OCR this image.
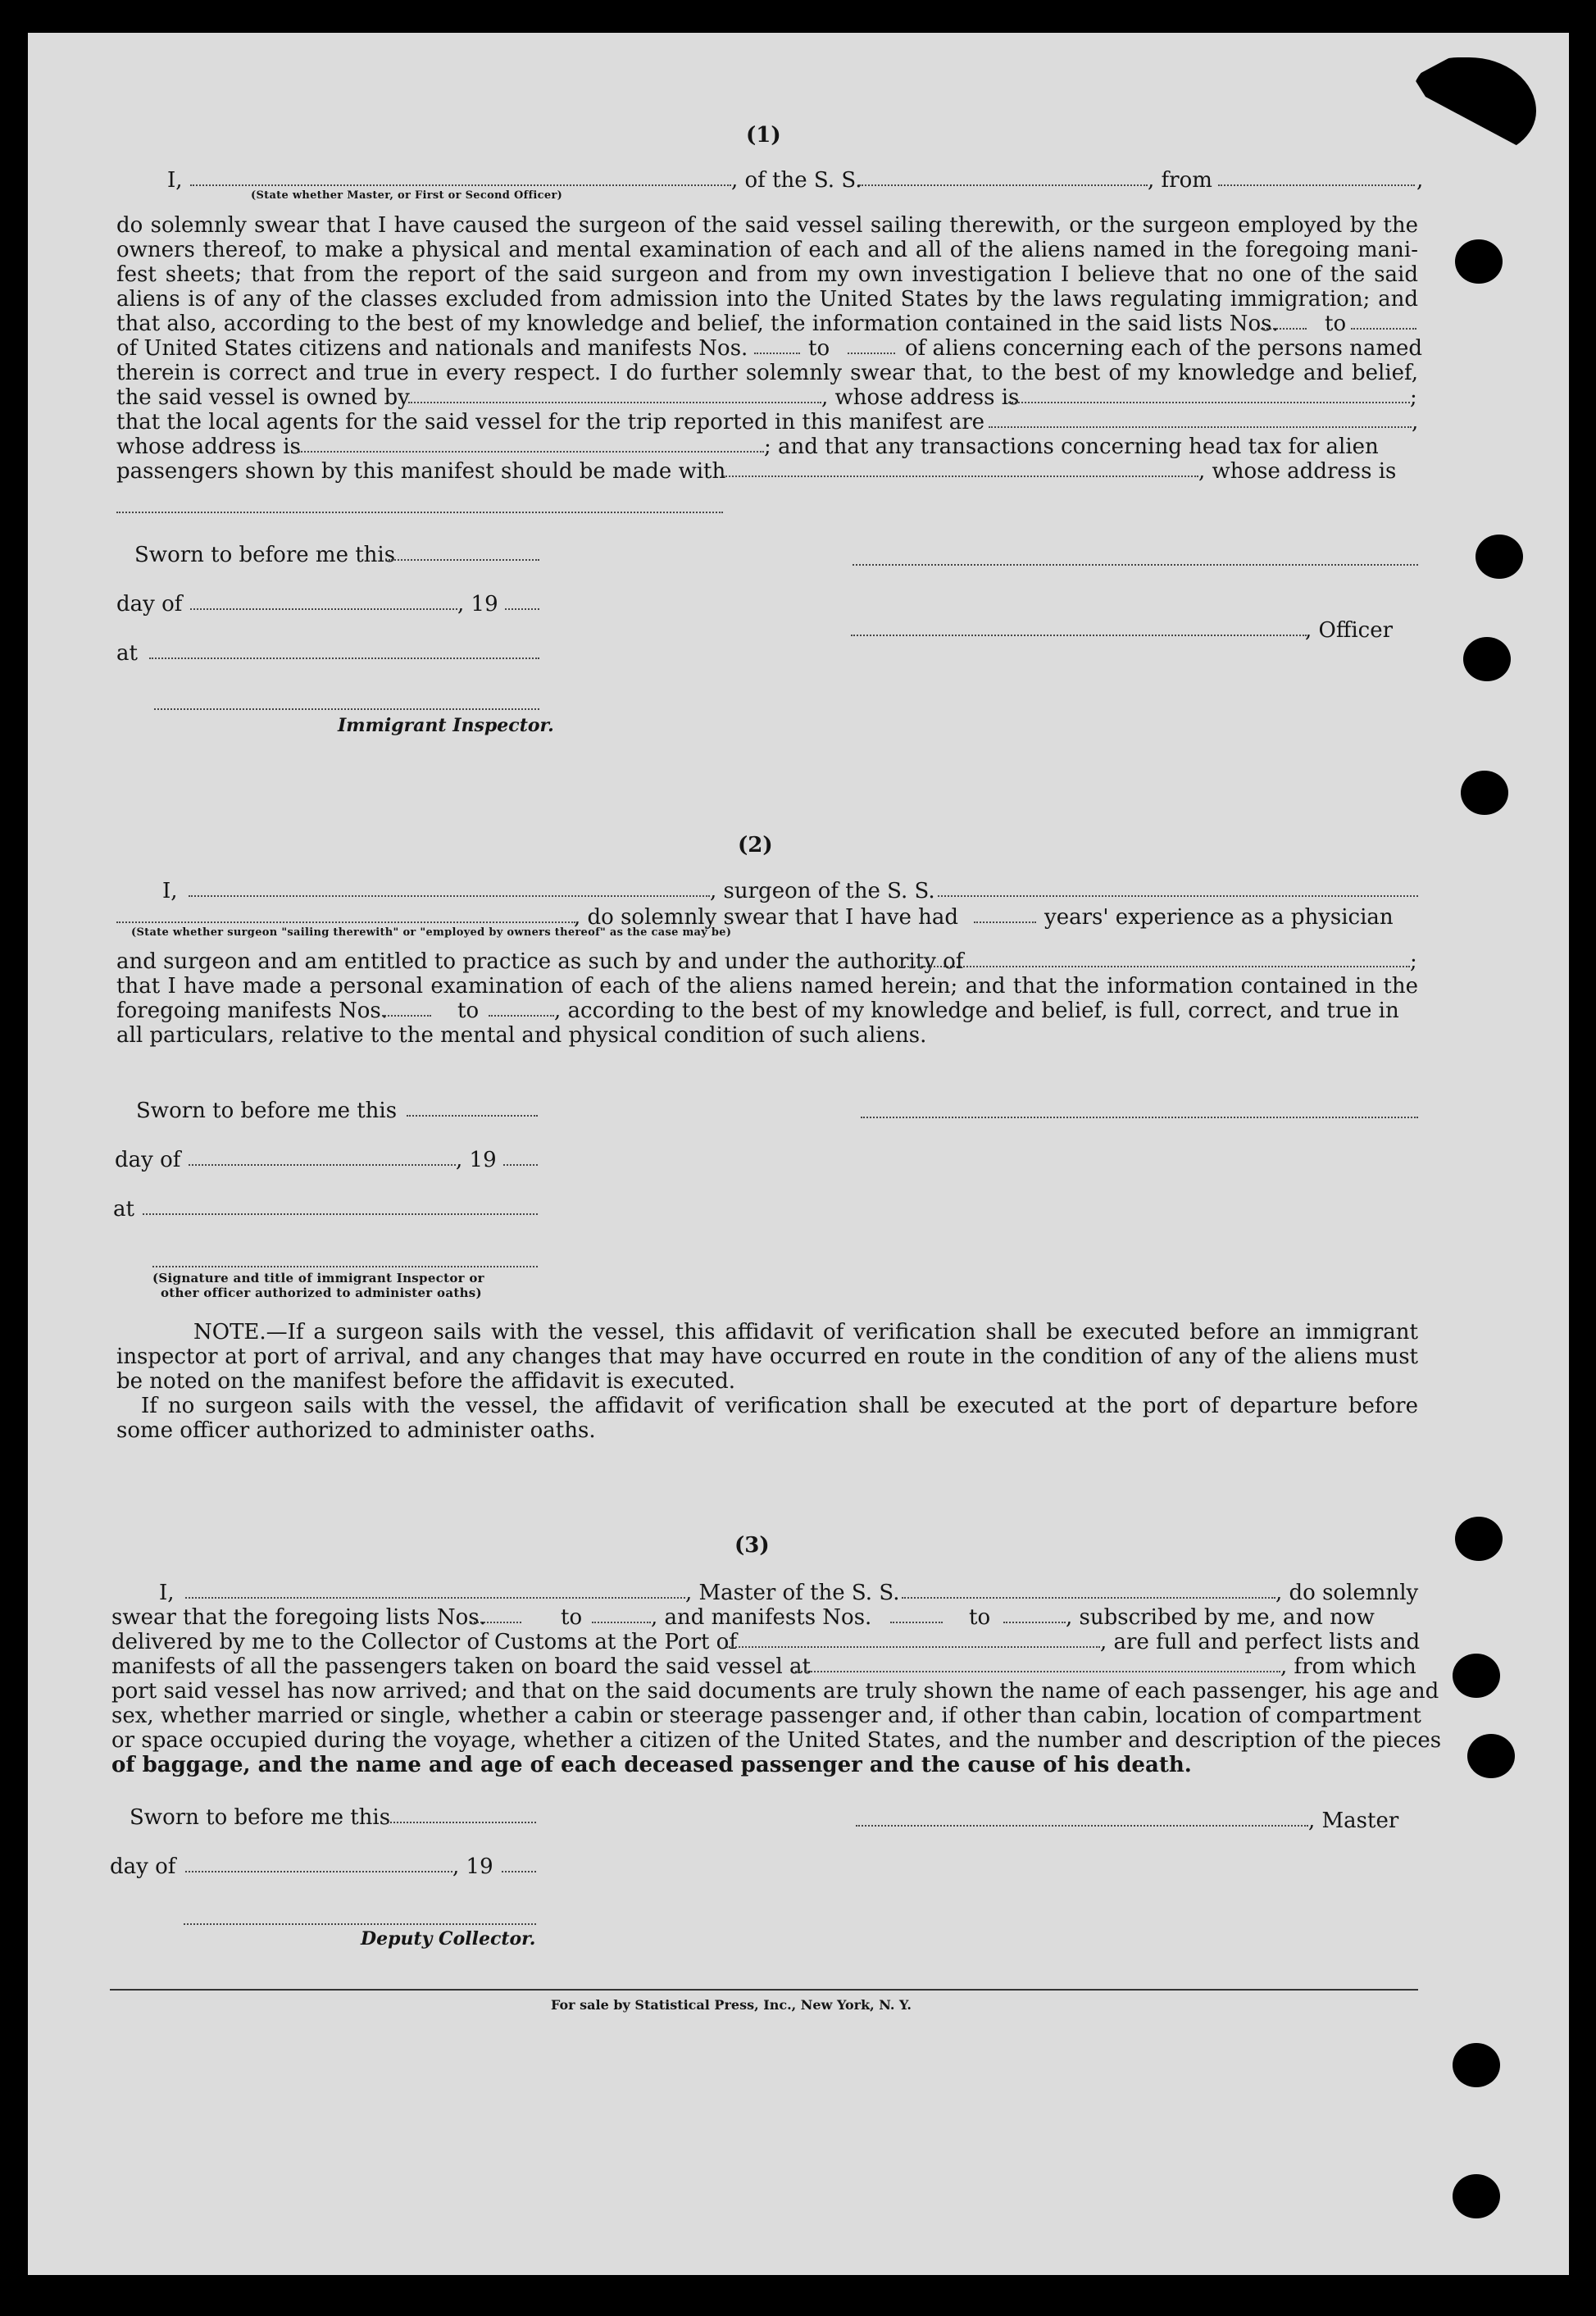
(1)
I,	, of the S. S.	, from	,
(State whether Master, or First or Second Officer)
do solemnly swear that I have caused the surgeon of the said vessel sailing therewith, or the surgeon employed by the
owners thereof, to make a physical and mental examination of each and all of the aliens named in the foregoing mani-
fest sheets; that from the report of the said surgeon and from my own investigation I believe that no one of the said
aliens is of any of the classes excluded from admission into the United States by the laws regulating immigration; and
that also, according to the best of my knowledge and belief, the information contained in the said lists Nos. to
of United States citizens and nationals and manifests Nos.	to	of aliens concerning each of the persons named
therein is correct and true in every respect. I do further solemnly swear that, to the best of my knowledge and belief,
the said vessel is owned by	, whose address is	;
that the local agents for the said vessel for the trip reported in this manifest are	,
whose address is	; and that any transactions concerning head tax for alien
passengers shown by this manifest should be made with	, whose address is
Sworn to before me this
day of	, 19
, Officer
at
Immigrant Inspector.
(2)
I,	, surgeon of the S. S.
, do solemnly swear that I have had	years' experience as a physician
(State whether surgeon "sailing therewith" or "employed by owners thereof" as the case may be)
and surgeon and am entitled to practice as such by and under the authority of	;
that I have made a personal examination of each of the aliens named herein; and that the information contained in the
foregoing manifests Nos.	to	, according to the best of my knowledge and belief, is full, correct, and true in
all particulars, relative to the mental and physical condition of such aliens.
Sworn to before me this
day of	, 19
at
(Signature and title of immigrant Inspector or
other officer authorized to administer oaths)
NOTE.—If a surgeon sails with the vessel, this affidavit of verification shall be executed before an immigrant
inspector at port of arrival, and any changes that may have occurred en route in the condition of any of the aliens must
be noted on the manifest before the affidavit is executed.
If no surgeon sails with the vessel, the affidavit of verification shall be executed at the port of departure before
some officer authorized to administer oaths.
(3)
I,	, Master of the S. S.	, do solemnly
swear that the foregoing lists Nos.	to	, and manifests Nos.	to	, subscribed by me, and now
delivered by me to the Collector of Customs at the Port of	, are full and perfect lists and
manifests of all the passengers taken on board the said vessel at	, from which
port said vessel has now arrived; and that on the said documents are truly shown the name of each passenger, his age and
sex, whether married or single, whether a cabin or steerage passenger and, if other than cabin, location of compartment
or space occupied during the voyage, whether a citizen of the United States, and the number and description of the pieces
of baggage, and the name and age of each deceased passenger and the cause of his death.
Sworn to before me this	, Master
day of	, 19
Deputy Collector.
For sale by Statistical Press, Inc., New York, N. Y.
